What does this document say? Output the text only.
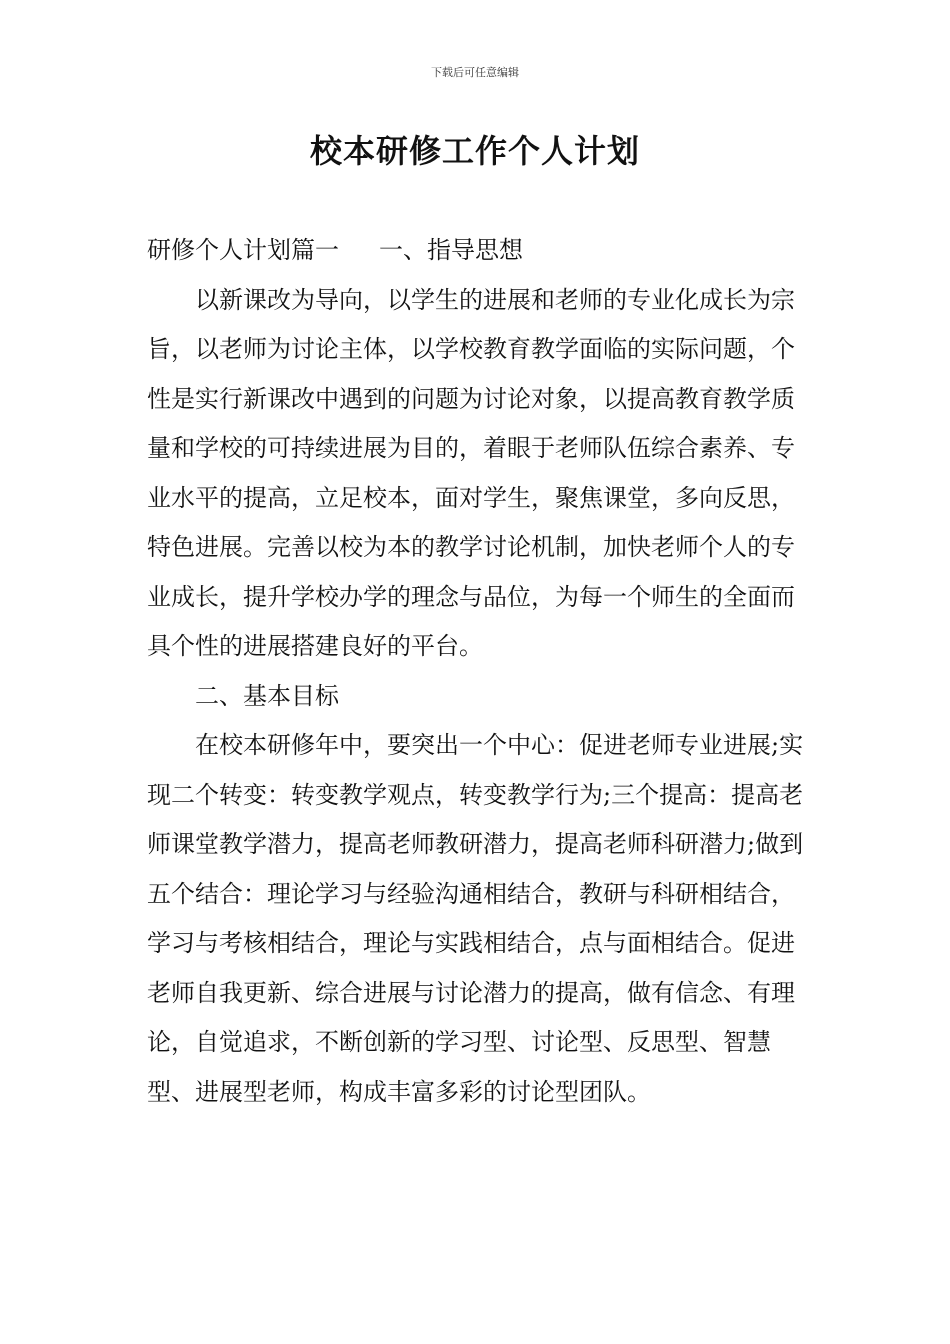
下载后可任意编辑
校本研修工作个人计划

研修个人计划篇一 一、指导思想

以新课改为导向，以学生的进展和老师的专业化成长为宗旨，以老师为讨论主体，以学校教育教学面临的实际问题，个性是实行新课改中遇到的问题为讨论对象，以提高教育教学质量和学校的可持续进展为目的，着眼于老师队伍综合素养、专业水平的提高，立足校本，面对学生，聚焦课堂，多向反思，特色进展。完善以校为本的教学讨论机制，加快老师个人的专业成长，提升学校办学的理念与品位，为每一个师生的全面而具个性的进展搭建良好的平台。

二、基本目标

在校本研修年中，要突出一个中心：促进老师专业进展;实现二个转变：转变教学观点，转变教学行为;三个提高：提高老师课堂教学潜力，提高老师教研潜力，提高老师科研潜力;做到五个结合：理论学习与经验沟通相结合，教研与科研相结合，学习与考核相结合，理论与实践相结合，点与面相结合。促进老师自我更新、综合进展与讨论潜力的提高，做有信念、有理论，自觉追求，不断创新的学习型、讨论型、反思型、智慧型、进展型老师，构成丰富多彩的讨论型团队。
